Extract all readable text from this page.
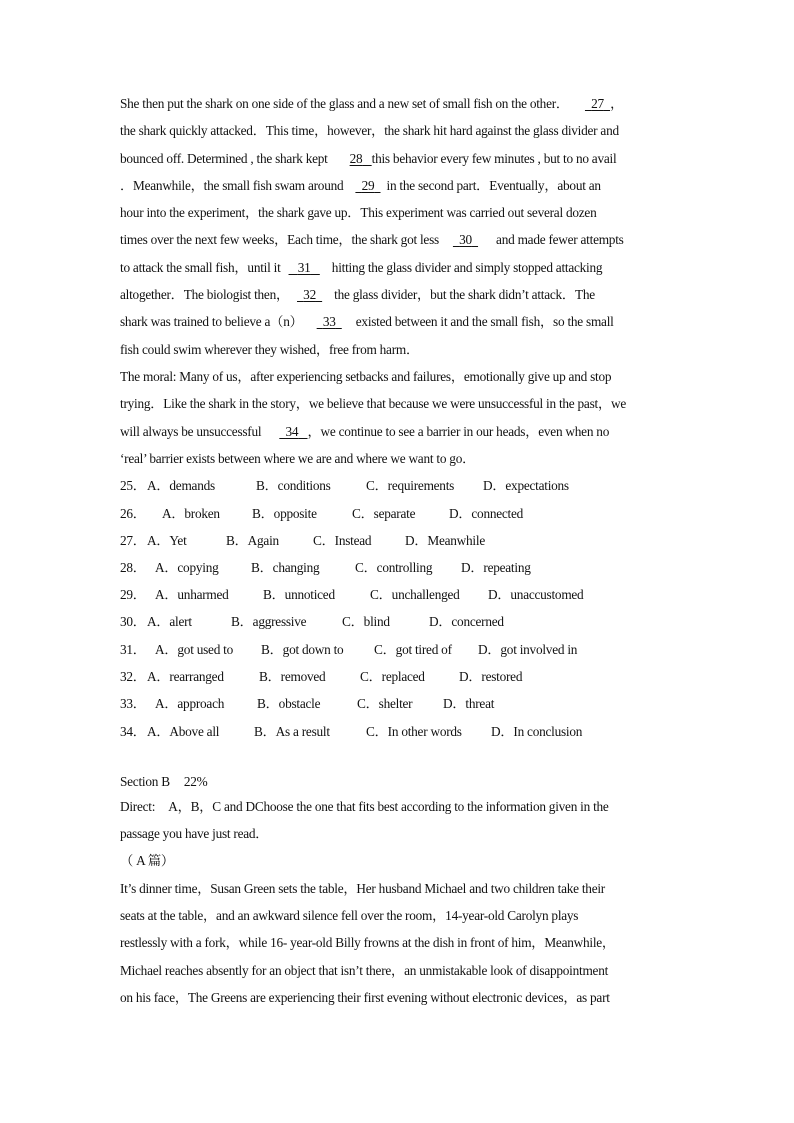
She then put the shark on one side of the glass and a new set of small fish on the other． 27 ，
the shark quickly attacked．This time，however，the shark hit hard against the glass divider and
bounced off. Determined , the shark kept 28 this behavior every few minutes , but to no avail
．Meanwhile，the small fish swam around 29 in the second part．Eventually，about an
hour into the experiment，the shark gave up．This experiment was carried out several dozen
times over the next few weeks，Each time，the shark got less 30 and made fewer attempts
to attack the small fish，until it 31 hitting the glass divider and simply stopped attacking
altogether．The biologist then， 32 the glass divider，but the shark didn’t attack．The
shark was trained to believe a（n） 33 existed between it and the small fish，so the small
fish could swim wherever they wished，free from harm．
The moral: Many of us，after experiencing setbacks and failures，emotionally give up and stop
trying．Like the shark in the story，we believe that because we were unsuccessful in the past，we
will always be unsuccessful 34 ，we continue to see a barrier in our heads，even when no
‘real’ barrier exists between where we are and where we want to go．
25． A．demands	B．conditions	C．requirements D．expectations
26． A．broken B．opposite	C．separate	D．connected
27． A．Yet	B．Again	C．Instead	D．Meanwhile
28． A．copying B．changing	C．controlling D．repeating
29． A．unharmed	B．unnoticed	C．unchallenged D．unaccustomed
30． A．alert	B．aggressive	C．blind	D．concerned
31． A．got used to B．got down to C．got tired of D．got involved in
32． A．rearranged	B．removed	C．replaced	D．restored
33． A．approach B．obstacle	C．shelter D．threat
34． A．Above all	B．As a result	C．In other words D．In conclusion
Section B 22%
Direct:　A，B，C and DChoose the one that fits best according to the information given in the
passage you have just read．
（ A 篇）
It’s dinner time，Susan Green sets the table，Her husband Michael and two children take their
seats at the table，and an awkward silence fell over the room，14-year-old Carolyn plays
restlessly with a fork，while 16- year-old Billy frowns at the dish in front of him，Meanwhile，
Michael reaches absently for an object that isn’t there，an unmistakable look of disappointment
on his face，The Greens are experiencing their first evening without electronic devices，as part
